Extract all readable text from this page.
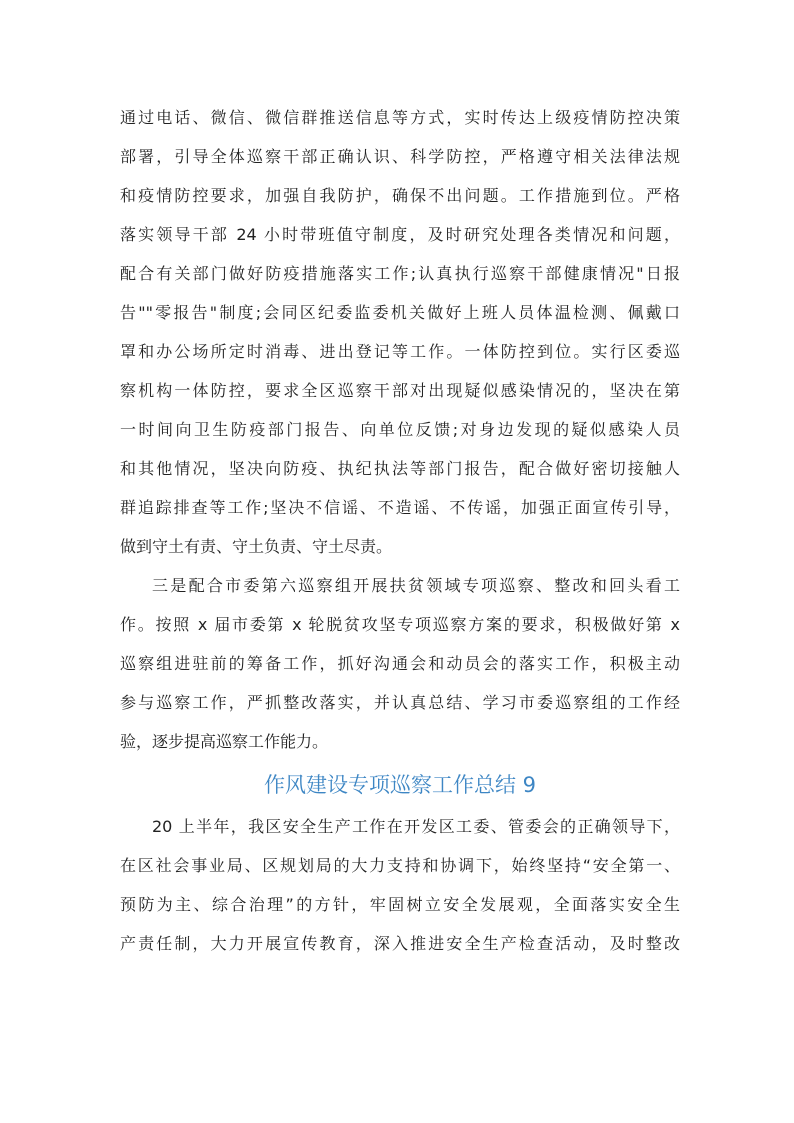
通过电话、微信、微信群推送信息等方式，实时传达上级疫情防控决策
部署，引导全体巡察干部正确认识、科学防控，严格遵守相关法律法规
和疫情防控要求，加强自我防护，确保不出问题。工作措施到位。严格
落实领导干部 24 小时带班值守制度，及时研究处理各类情况和问题，
配合有关部门做好防疫措施落实工作;认真执行巡察干部健康情况"日报
告""零报告"制度;会同区纪委监委机关做好上班人员体温检测、佩戴口
罩和办公场所定时消毒、进出登记等工作。一体防控到位。实行区委巡
察机构一体防控，要求全区巡察干部对出现疑似感染情况的，坚决在第
一时间向卫生防疫部门报告、向单位反馈;对身边发现的疑似感染人员
和其他情况，坚决向防疫、执纪执法等部门报告，配合做好密切接触人
群追踪排查等工作;坚决不信谣、不造谣、不传谣，加强正面宣传引导，
做到守土有责、守土负责、守土尽责。
三是配合市委第六巡察组开展扶贫领域专项巡察、整改和回头看工
作。按照 x 届市委第 x 轮脱贫攻坚专项巡察方案的要求，积极做好第 x
巡察组进驻前的筹备工作，抓好沟通会和动员会的落实工作，积极主动
参与巡察工作，严抓整改落实，并认真总结、学习市委巡察组的工作经
验，逐步提高巡察工作能力。
作风建设专项巡察工作总结 9
20 上半年，我区安全生产工作在开发区工委、管委会的正确领导下，
在区社会事业局、区规划局的大力支持和协调下，始终坚持“安全第一、
预防为主、综合治理”的方针，牢固树立安全发展观，全面落实安全生
产责任制，大力开展宣传教育，深入推进安全生产检查活动，及时整改
